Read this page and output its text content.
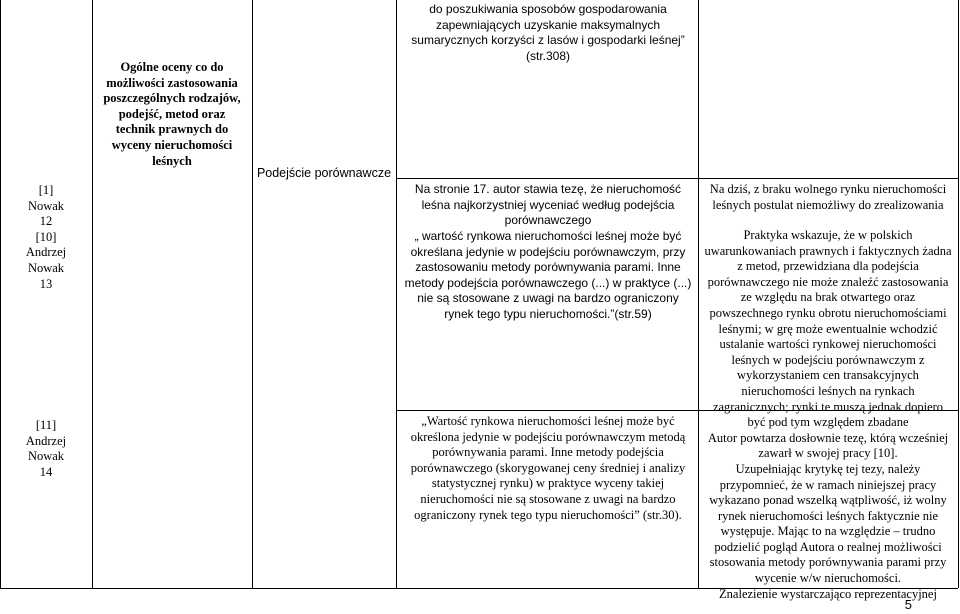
[1]
Nowak
12
[10]
Andrzej
Nowak
13
[11]
Andrzej
Nowak
14
Ogólne oceny co do możliwości zastosowania poszczególnych rodzajów, podejść, metod oraz technik prawnych do wyceny nieruchomości leśnych
Podejście porównawcze
do poszukiwania sposobów gospodarowania zapewniających uzyskanie maksymalnych sumarycznych korzyści z lasów i gospodarki leśnej” (str.308)
Na stronie 17. autor stawia tezę, że nieruchomość leśna najkorzystniej wyceniać według podejścia porównawczego
„ wartość rynkowa nieruchomości leśnej może być określana jedynie w podejściu porównawczym, przy zastosowaniu metody porównywania parami. Inne metody podejścia porównawczego (...) w praktyce (...) nie są stosowane z uwagi na bardzo ograniczony rynek tego typu nieruchomości.”(str.59)
„Wartość rynkowa nieruchomości leśnej może być określona jedynie w podejściu porównawczym metodą porównywania parami. Inne metody podejścia porównawczego (skorygowanej ceny średniej i analizy statystycznej rynku) w praktyce wyceny takiej nieruchomości nie są stosowane z uwagi na bardzo ograniczony rynek tego typu nieruchomości” (str.30).
Na dziś, z braku wolnego rynku nieruchomości leśnych postulat niemożliwy do zrealizowania
Praktyka wskazuje, że w polskich uwarunkowaniach prawnych i faktycznych żadna z metod, przewidziana dla podejścia porównawczego nie może znaleźć zastosowania ze względu na brak otwartego oraz powszechnego rynku obrotu nieruchomościami leśnymi; w grę może ewentualnie wchodzić ustalanie wartości rynkowej nieruchomości leśnych w podejściu porównawczym z wykorzystaniem cen transakcyjnych nieruchomości leśnych na rynkach zagranicznych; rynki te muszą jednak dopiero być pod tym względem zbadane
Autor powtarza dosłownie tezę, którą wcześniej zawarł w swojej pracy [10].
Uzupełniając krytykę tej tezy, należy przypomnieć, że w ramach niniejszej pracy wykazano ponad wszelką wątpliwość, iż wolny rynek nieruchomości leśnych faktycznie nie występuje. Mając to na względzie – trudno podzielić pogląd Autora o realnej możliwości stosowania metody porównywania parami przy wycenie w/w nieruchomości.
Znalezienie wystarczająco reprezentacyjnej
5
